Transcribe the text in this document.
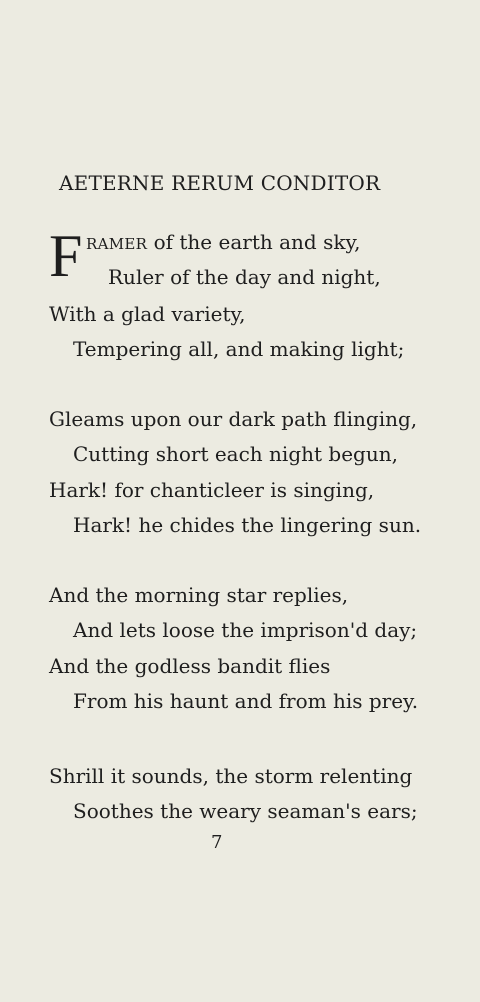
AETERNE RERUM CONDITOR
F RAMER of the earth and sky,
Ruler of the day and night,
With a glad variety,
Tempering all, and making light;
Gleams upon our dark path flinging,
Cutting short each night begun,
Hark! for chanticleer is singing,
Hark! he chides the lingering sun.
And the morning star replies,
And lets loose the imprison'd day;
And the godless bandit flies
From his haunt and from his prey.
Shrill it sounds, the storm relenting
Soothes the weary seaman's ears;
7
